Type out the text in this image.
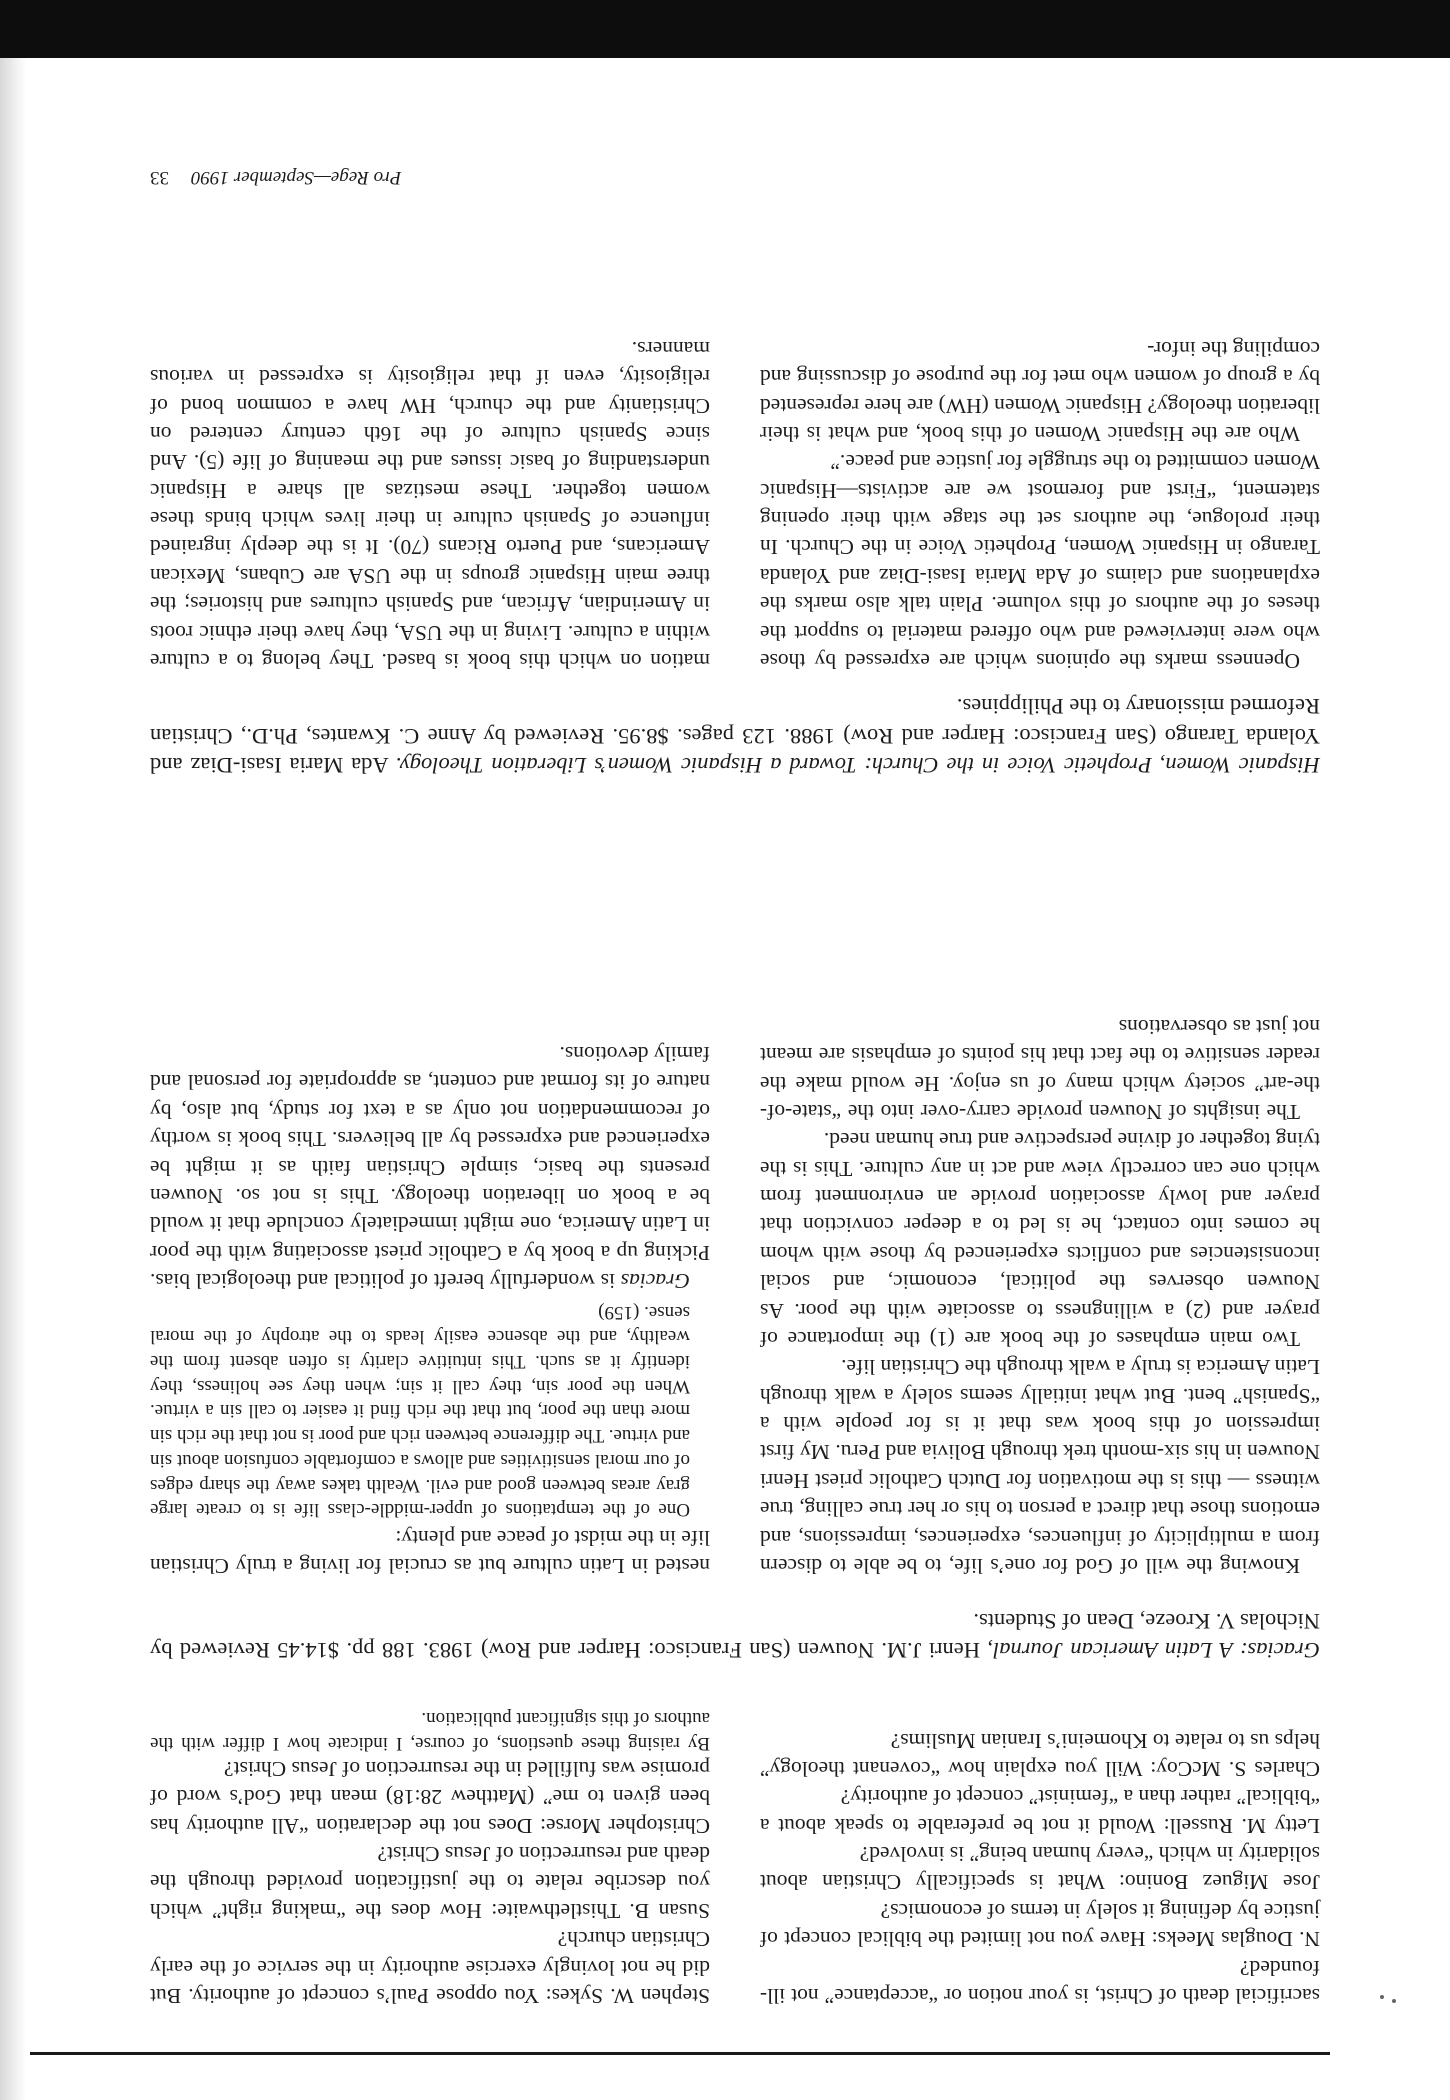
sacrificial death of Christ, is your notion or “acceptance” not ill-founded?

N. Douglas Meeks: Have you not limited the biblical concept of justice by defining it solely in terms of economics?

Jose Miguez Bonino: What is specifically Christian about solidarity in which “every human being” is involved?

Letty M. Russell: Would it not be preferable to speak about a “biblical” rather than a “feminist” concept of authority?

Charles S. McCoy: Will you explain how “covenant theology” helps us to relate to Khomeini’s Iranian Muslims?

Stephen W. Sykes: You oppose Paul’s concept of authority. But did he not lovingly exercise authority in the service of the early Christian church?

Susan B. Thistlethwaite: How does the “making right” which you describe relate to the justification provided through the death and resurrection of Jesus Christ?

Christopher Morse: Does not the declaration “All authority has been given to me” (Matthew 28:18) mean that God’s word of promise was fulfilled in the resurrection of Jesus Christ?

By raising these questions, of course, I indicate how I differ with the authors of this significant publication.

Gracias: A Latin American Journal, Henri J.M. Nouwen (San Francisco: Harper and Row) 1983. 188 pp. $14.45 Reviewed by Nicholas V. Kroeze, Dean of Students.

Knowing the will of God for one’s life, to be able to discern from a multiplicity of influences, experiences, impressions, and emotions those that direct a person to his or her true calling, true witness — this is the motivation for Dutch Catholic priest Henri Nouwen in his six-month trek through Bolivia and Peru. My first impression of this book was that it is for people with a “Spanish” bent. But what initially seems solely a walk through Latin America is truly a walk through the Christian life.

Two main emphases of the book are (1) the importance of prayer and (2) a willingness to associate with the poor. As Nouwen observes the political, economic, and social inconsistencies and conflicts experienced by those with whom he comes into contact, he is led to a deeper conviction that prayer and lowly association provide an environment from which one can correctly view and act in any culture. This is the tying together of divine perspective and true human need.

The insights of Nouwen provide carry-over into the “state-of-the-art” society which many of us enjoy. He would make the reader sensitive to the fact that his points of emphasis are meant not just as observations

nested in Latin culture but as crucial for living a truly Christian life in the midst of peace and plenty:

One of the temptations of upper-middle-class life is to create large gray areas between good and evil. Wealth takes away the sharp edges of our moral sensitivities and allows a comfortable confusion about sin and virtue. The difference between rich and poor is not that the rich sin more than the poor, but that the rich find it easier to call sin a virtue. When the poor sin, they call it sin; when they see holiness, they identify it as such. This intuitive clarity is often absent from the wealthy, and the absence easily leads to the atrophy of the moral sense. (159)

Gracias is wonderfully bereft of political and theological bias. Picking up a book by a Catholic priest associating with the poor in Latin America, one might immediately conclude that it would be a book on liberation theology. This is not so. Nouwen presents the basic, simple Christian faith as it might be experienced and expressed by all believers. This book is worthy of recommendation not only as a text for study, but also, by nature of its format and content, as appropriate for personal and family devotions.

Hispanic Women, Prophetic Voice in the Church: Toward a Hispanic Women’s Liberation Theology. Ada Maria Isasi-Diaz and Yolanda Tarango (San Francisco: Harper and Row) 1988. 123 pages. $8.95. Reviewed by Anne C. Kwantes, Ph.D., Christian Reformed missionary to the Philippines.

Openness marks the opinions which are expressed by those who were interviewed and who offered material to support the theses of the authors of this volume. Plain talk also marks the explanations and claims of Ada Maria Isasi-Diaz and Yolanda Tarango in Hispanic Women, Prophetic Voice in the Church. In their prologue, the authors set the stage with their opening statement, “First and foremost we are activists—Hispanic Women committed to the struggle for justice and peace.”

Who are the Hispanic Women of this book, and what is their liberation theology? Hispanic Women (HW) are here represented by a group of women who met for the purpose of discussing and compiling the infor-

mation on which this book is based. They belong to a culture within a culture. Living in the USA, they have their ethnic roots in Amerindian, African, and Spanish cultures and histories; the three main Hispanic groups in the USA are Cubans, Mexican Americans, and Puerto Ricans (70). It is the deeply ingrained influence of Spanish culture in their lives which binds these women together. These mestizas all share a Hispanic understanding of basic issues and the meaning of life (5). And since Spanish culture of the 16th century centered on Christianity and the church, HW have a common bond of religiosity, even if that religiosity is expressed in various manners.

Pro Rege—September 199033
